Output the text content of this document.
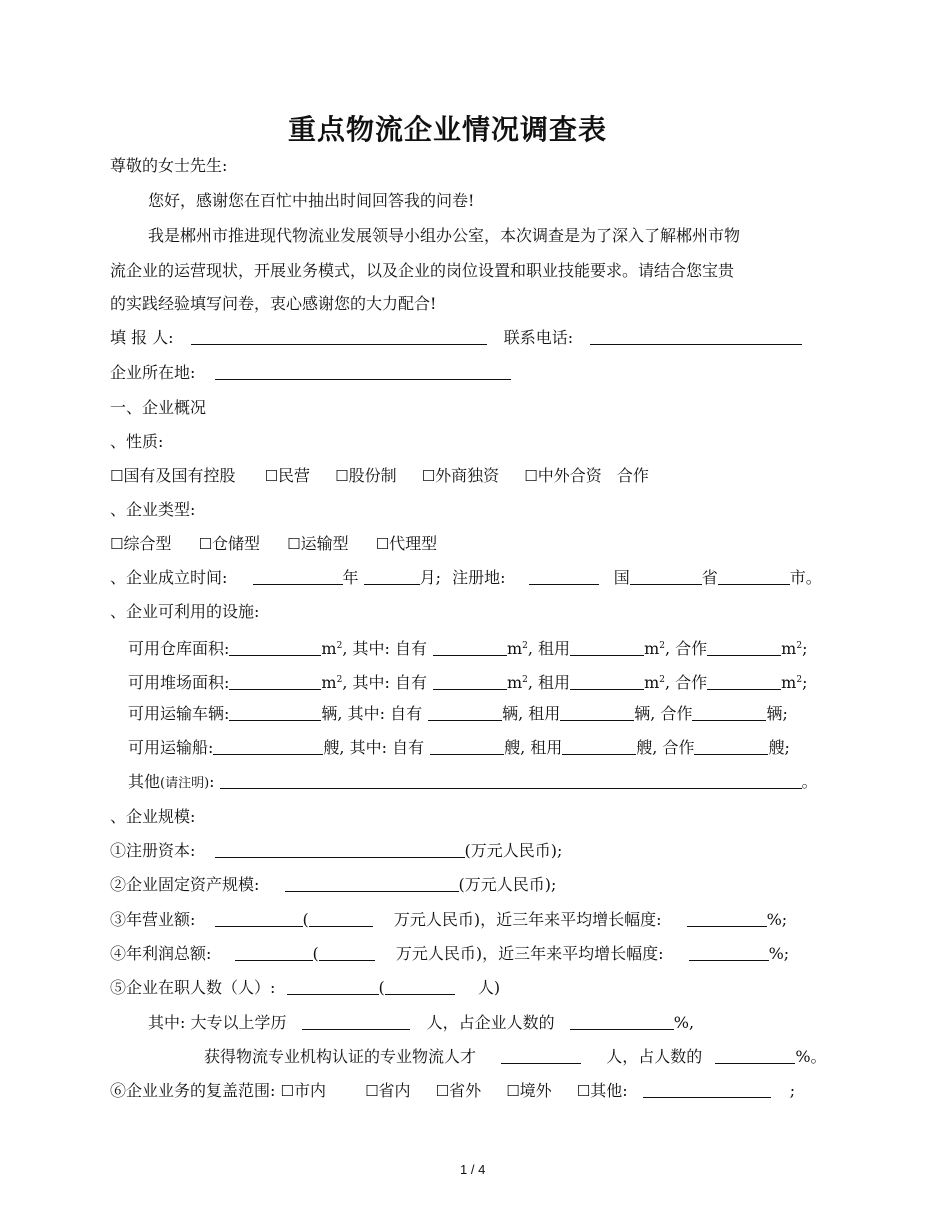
重点物流企业情况调查表
尊敬的女士先生:
您好，感谢您在百忙中抽出时间回答我的问卷!
我是郴州市推进现代物流业发展领导小组办公室，本次调查是为了深入了解郴州市物
流企业的运营现状，开展业务模式，以及企业的岗位设置和职业技能要求。请结合您宝贵
的实践经验填写问卷，衷心感谢您的大力配合!
填 报 人:	联系电话:
企业所在地:
一、企业概况
、性质:
☐国有及国有控股 ☐民营 ☐股份制 ☐外商独资 ☐中外合资 合作
、企业类型:
☐综合型 ☐仓储型 ☐运输型 ☐代理型
、企业成立时间:	年	月; 注册地:	国	省	市。
、企业可利用的设施:
可用仓库面积:	$m^2$, 其中: 自有	$m^2$, 租用	$m^2$, 合作	$m^2$;
可用堆场面积:	$m^2$, 其中: 自有	$m^2$, 租用	$m^2$, 合作	$m^2$;
可用运输车辆:	辆, 其中: 自有	辆, 租用	辆, 合作	辆;
可用运输船:	艘, 其中: 自有	艘, 租用	艘, 合作	艘;
其他(请注明):	。
、企业规模:
①注册资本:	(万元人民币);
②企业固定资产规模:	(万元人民币);
③年营业额:	(	万元人民币)，近三年来平均增长幅度:	%;
④年利润总额:	(	万元人民币)，近三年来平均增长幅度:	%;
⑤企业在职人数（人）:	(	人)
其中: 大专以上学历	人，占企业人数的	%,
获得物流专业机构认证的专业物流人才	人，占人数的	%。
⑥企业业务的复盖范围: ☐市内	☐省内 ☐省外 ☐境外 ☐其他:	;
1 / 4
